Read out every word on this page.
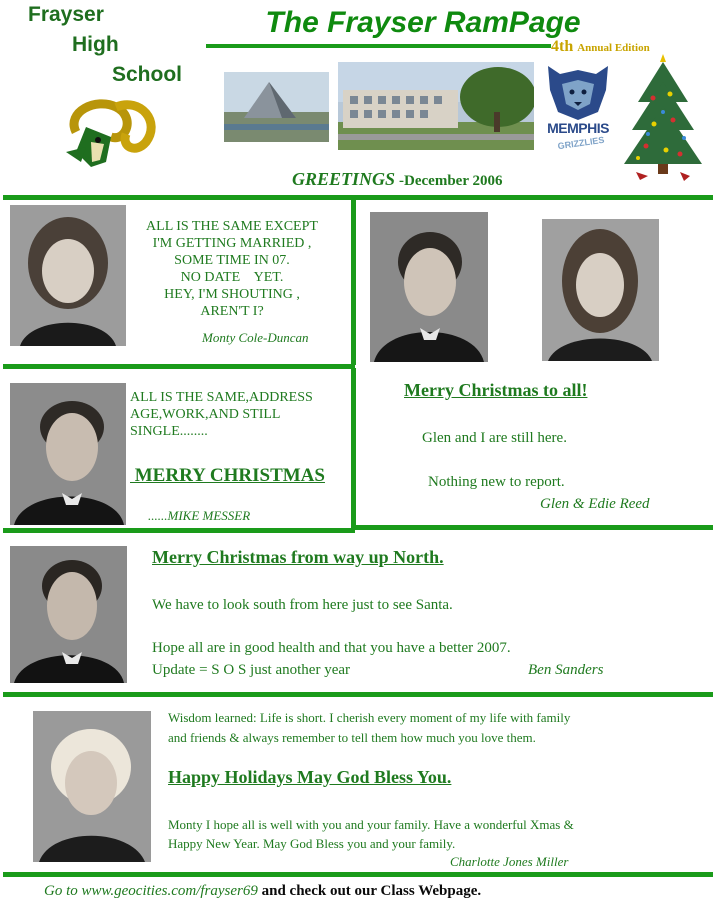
Frayser
High
School
The Frayser RamPage
4th Annual Edition
MEMPHIS
GRIZZLIES
GREETINGS -December 2006
ALL IS THE SAME EXCEPT
I'M GETTING MARRIED ,
SOME TIME IN 07.
NO DATE    YET.
HEY, I'M SHOUTING ,
AREN'T I?
Monty Cole-Duncan
ALL IS THE SAME,ADDRESS
AGE,WORK,AND STILL
SINGLE........
MERRY CHRISTMAS
......MIKE MESSER
Merry Christmas to all!
Glen and I are still here.
Nothing new to report.
Glen & Edie Reed
Merry Christmas from way up North.
We have to look south from here just to see Santa.
Hope all are in good health and that you have a better 2007.
Update = S O S just another year	Ben Sanders
Wisdom learned: Life is short. I cherish every moment of my life with family
and friends & always remember to tell them how much you love them.
Happy Holidays May God Bless You.
Monty I hope all is well with you and your family. Have a wonderful Xmas &
Happy New Year. May God Bless you and your family.
Charlotte Jones Miller
Go to www.geocities.com/frayser69 and check out our Class Webpage.
